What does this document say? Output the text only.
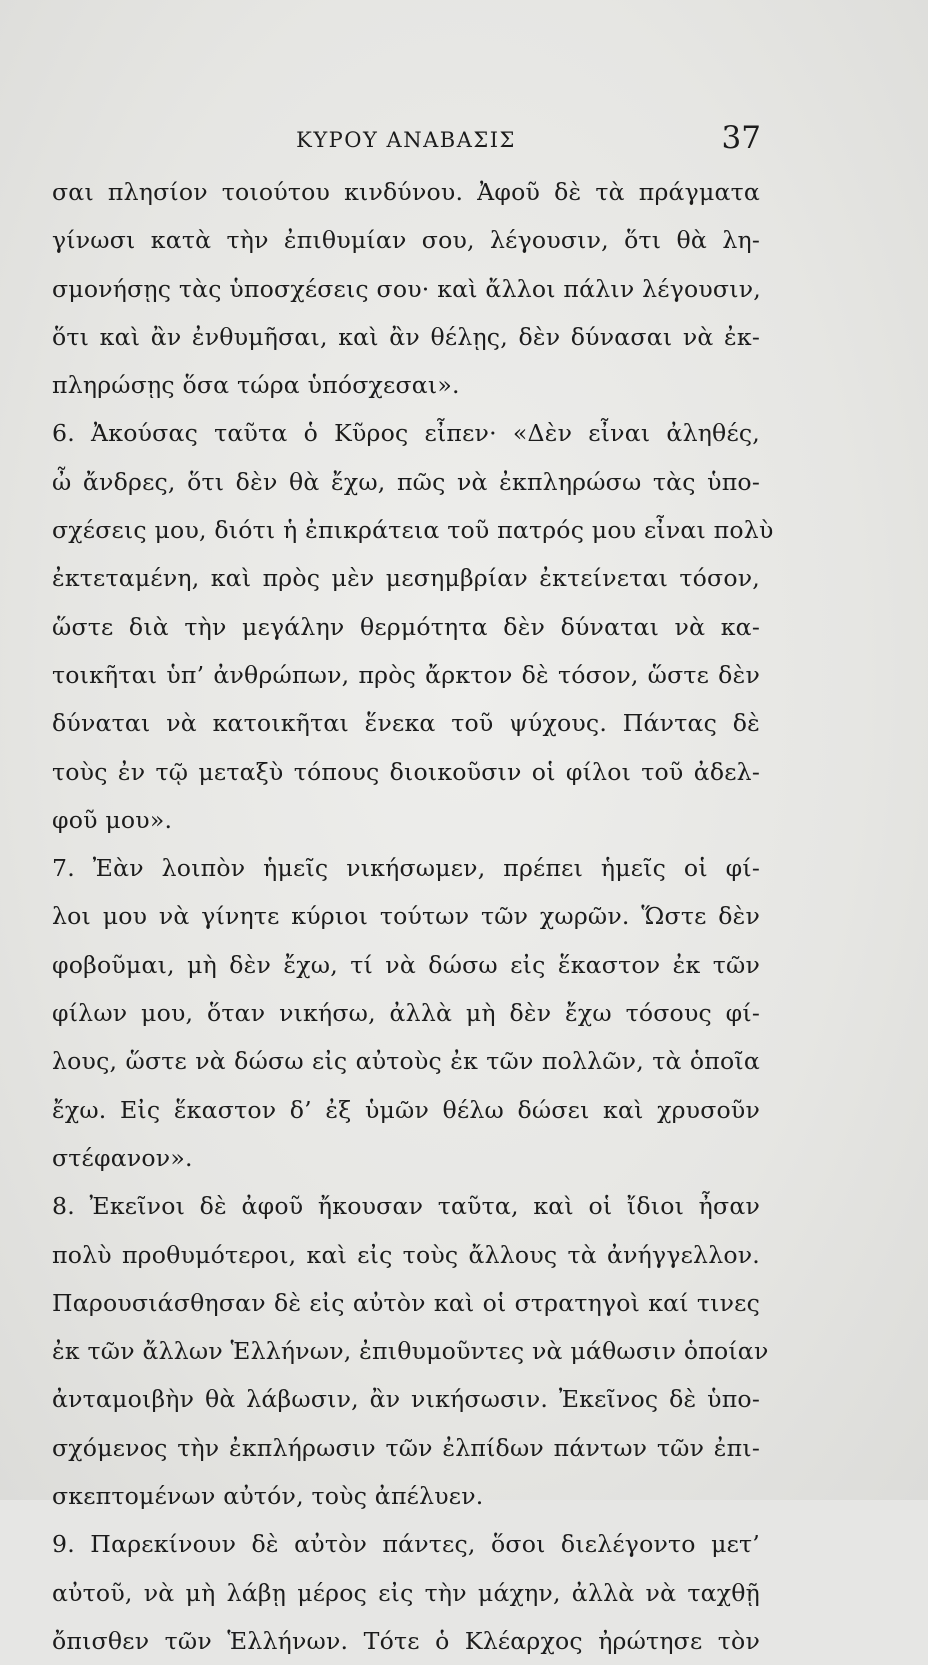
ΚΥΡΟΥ ΑΝΑΒΑΣΙΣ	37
σαι πλησίον τοιούτου κινδύνου. Ἀφοῦ δὲ τὰ πράγματα
γίνωσι κατὰ τὴν ἐπιθυμίαν σου, λέγουσιν, ὅτι θὰ λη-
σμονήσῃς τὰς ὑποσχέσεις σου· καὶ ἄλλοι πάλιν λέγουσιν,
ὅτι καὶ ἂν ἐνθυμῆσαι, καὶ ἂν θέλῃς, δὲν δύνασαι νὰ ἐκ-
πληρώσῃς ὅσα τώρα ὑπόσχεσαι».
6. Ἀκούσας ταῦτα ὁ Κῦρος εἶπεν· «Δὲν εἶναι ἀληθές,
ὦ ἄνδρες, ὅτι δὲν θὰ ἔχω, πῶς νὰ ἐκπληρώσω τὰς ὑπο-
σχέσεις μου, διότι ἡ ἐπικράτεια τοῦ πατρός μου εἶναι πολὺ
ἐκτεταμένη, καὶ πρὸς μὲν μεσημβρίαν ἐκτείνεται τόσον,
ὥστε διὰ τὴν μεγάλην θερμότητα δὲν δύναται νὰ κα-
τοικῆται ὑπ’ ἀνθρώπων, πρὸς ἄρκτον δὲ τόσον, ὥστε δὲν
δύναται νὰ κατοικῆται ἕνεκα τοῦ ψύχους. Πάντας δὲ
τοὺς ἐν τῷ μεταξὺ τόπους διοικοῦσιν οἱ φίλοι τοῦ ἀδελ-
φοῦ μου».
7. Ἐὰν λοιπὸν ἡμεῖς νικήσωμεν, πρέπει ἡμεῖς οἱ φί-
λοι μου νὰ γίνητε κύριοι τούτων τῶν χωρῶν. Ὥστε δὲν
φοβοῦμαι, μὴ δὲν ἔχω, τί νὰ δώσω εἰς ἕκαστον ἐκ τῶν
φίλων μου, ὅταν νικήσω, ἀλλὰ μὴ δὲν ἔχω τόσους φί-
λους, ὥστε νὰ δώσω εἰς αὐτοὺς ἐκ τῶν πολλῶν, τὰ ὁποῖα
ἔχω. Εἰς ἕκαστον δ’ ἐξ ὑμῶν θέλω δώσει καὶ χρυσοῦν
στέφανον».
8. Ἐκεῖνοι δὲ ἀφοῦ ἤκουσαν ταῦτα, καὶ οἱ ἴδιοι ἦσαν
πολὺ προθυμότεροι, καὶ εἰς τοὺς ἄλλους τὰ ἀνήγγελλον.
Παρουσιάσθησαν δὲ εἰς αὐτὸν καὶ οἱ στρατηγοὶ καί τινες
ἐκ τῶν ἄλλων Ἑλλήνων, ἐπιθυμοῦντες νὰ μάθωσιν ὁποίαν
ἀνταμοιβὴν θὰ λάβωσιν, ἂν νικήσωσιν. Ἐκεῖνος δὲ ὑπο-
σχόμενος τὴν ἐκπλήρωσιν τῶν ἐλπίδων πάντων τῶν ἐπι-
σκεπτομένων αὐτόν, τοὺς ἀπέλυεν.
9. Παρεκίνουν δὲ αὐτὸν πάντες, ὅσοι διελέγοντο μετ’
αὐτοῦ, νὰ μὴ λάβῃ μέρος εἰς τὴν μάχην, ἀλλὰ νὰ ταχθῇ
ὄπισθεν τῶν Ἑλλήνων. Τότε ὁ Κλέαρχος ἠρώτησε τὸν
